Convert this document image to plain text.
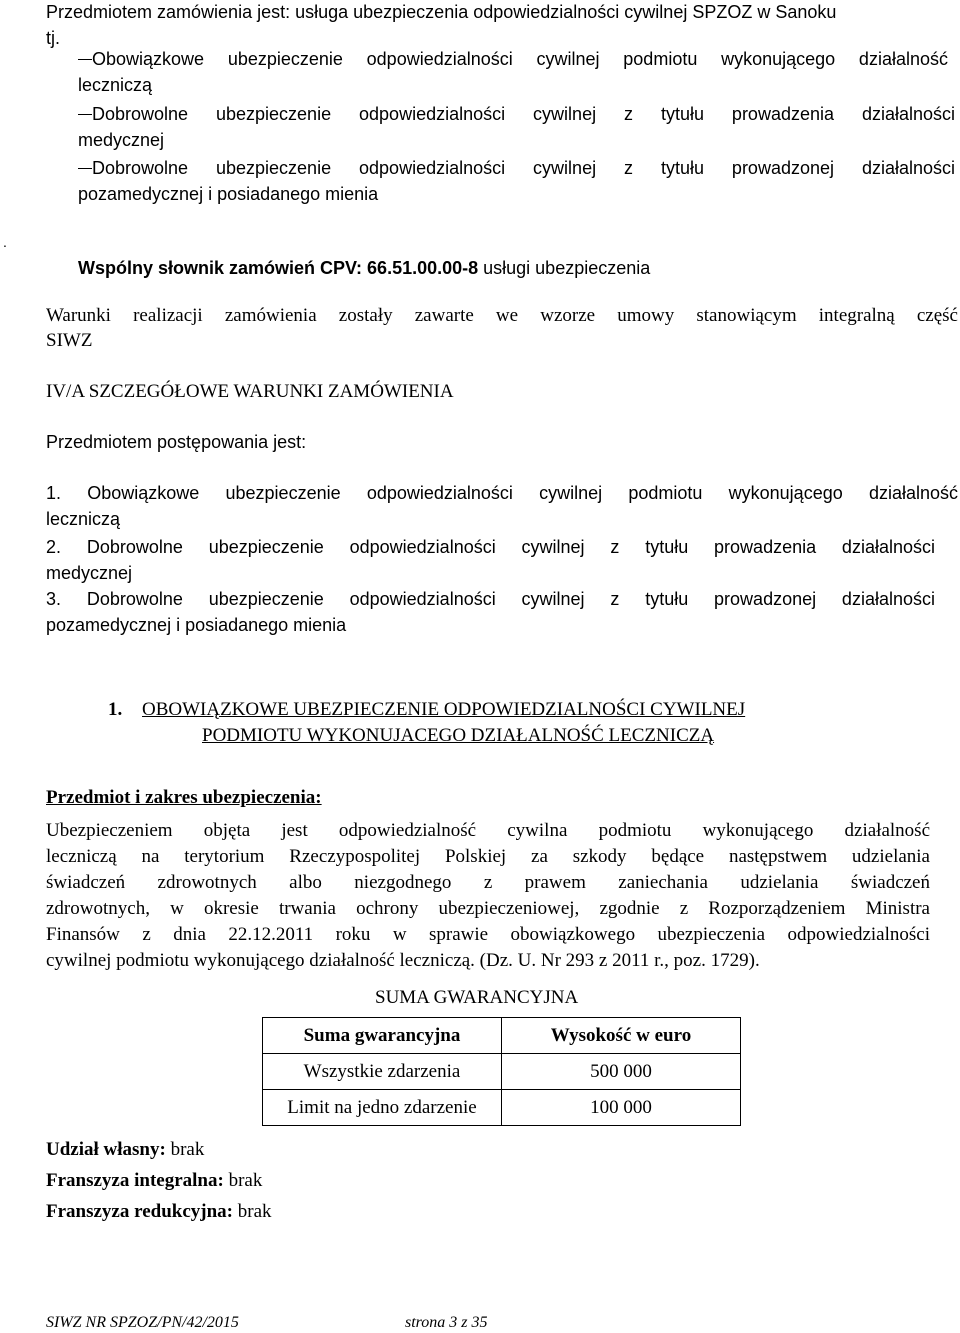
Przedmiotem zamówienia jest: usługa ubezpieczenia odpowiedzialności cywilnej SPZOZ w Sanoku
tj.
Obowiązkowe ubezpieczenie odpowiedzialności cywilnej podmiotu wykonującego działalność
leczniczą
Dobrowolne ubezpieczenie odpowiedzialności cywilnej z tytułu prowadzenia działalności
medycznej
Dobrowolne ubezpieczenie odpowiedzialności cywilnej z tytułu prowadzonej działalności
pozamedycznej i posiadanego mienia
.
Wspólny słownik zamówień CPV: 66.51.00.00-8 usługi ubezpieczenia
Warunki realizacji zamówienia zostały zawarte we wzorze umowy stanowiącym integralną część
SIWZ
IV/A SZCZEGÓŁOWE WARUNKI ZAMÓWIENIA
Przedmiotem postępowania jest:
1. Obowiązkowe ubezpieczenie odpowiedzialności cywilnej podmiotu wykonującego działalność
leczniczą
2. Dobrowolne ubezpieczenie odpowiedzialności cywilnej z tytułu prowadzenia działalności
medycznej
3. Dobrowolne ubezpieczenie odpowiedzialności cywilnej z tytułu prowadzonej działalności
pozamedycznej i posiadanego mienia
1. OBOWIĄZKOWE UBEZPIECZENIE ODPOWIEDZIALNOŚCI CYWILNEJ
PODMIOTU WYKONUJACEGO DZIAŁALNOŚĆ LECZNICZĄ
Przedmiot i zakres ubezpieczenia:
Ubezpieczeniem objęta jest odpowiedzialność cywilna podmiotu wykonującego działalność
leczniczą na terytorium Rzeczypospolitej Polskiej za szkody będące następstwem udzielania
świadczeń zdrowotnych albo niezgodnego z prawem zaniechania udzielania świadczeń
zdrowotnych, w okresie trwania ochrony ubezpieczeniowej, zgodnie z Rozporządzeniem Ministra
Finansów z dnia 22.12.2011 roku w sprawie obowiązkowego ubezpieczenia odpowiedzialności
cywilnej podmiotu wykonującego działalność leczniczą. (Dz. U. Nr 293 z 2011 r., poz. 1729).
SUMA GWARANCYJNA
Suma gwarancyjna	Wysokość w euro
Wszystkie zdarzenia	500 000
Limit na jedno zdarzenie	100 000
Udział własny: brak
Franszyza integralna: brak
Franszyza redukcyjna: brak
SIWZ NR SPZOZ/PN/42/2015	strona 3 z 35
